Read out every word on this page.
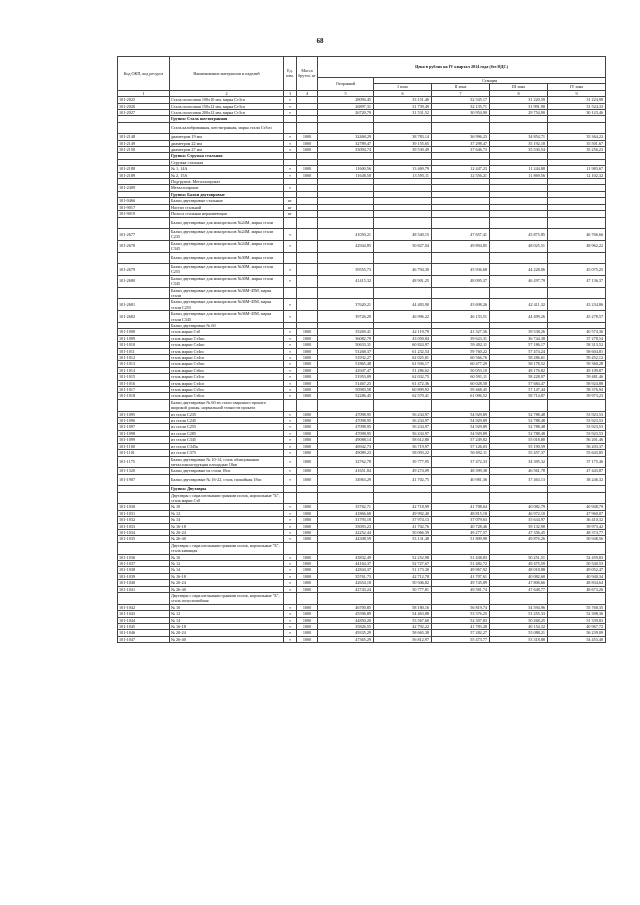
68
Код ОКП, код ресурса	Наименование материалов и изделий	Ед. изм.	Масса брутто, кг	Цена в рублях на IV квартал 2014 года (без НДС)				
				Отправной	Станция			
					I зона	II зона	III зона	IV зона
1	2	3	4	5	6	7	8	9
101-2025	Сталь полосовая 100х10 мм, марка Ст3сп	т		28094,45	33 151,46	32 545,17	31 220,59	31 224,98
101-2026	Сталь полосовая 150х12 мм, марка Ст3сп	т		26897,31	31 739,49	32 135,71	31 991,90	31 524,33
101-2027	Сталь полосовая 200х12 мм, марка Ст3сп	т		26720,79	31 531,52	30 954,90	29 754,90	30 123,46
	Группа: Сталь шестигранная							
	Сталь калиброванная, шестигранная, марка стали Ст3сп							
101-2148	диаметром 19 мм	т	1000	32468,29	38 783,14	36 996,23	34 854,71	35 364,22
101-2149	диаметром 22 мм	т	1000	32789,47	39 155,65	37 298,47	35 192,18	35 501,67
101-2150	диаметром 27 мм	т	1000	33094,74	39 530,49	37 646,73	35 530,54	35 256,23
	Группа: Стружка стальная							
	Стружка стальная							
101-2188	№ 1, 14А	т	1000	11600,56	13 469,79	12 447,23	11 244,88	11 983,67
101-2189	№ 2, 15А	т	1000	11648,50	13 595,11	12 556,21	11 869,56	12 102,32
	Подгруппа: Металлопрокат							
101-2409	Металлопрокат	т						
	Группа: Балки двутавровые							
101-0466	Балки двутавровые стальные	кг						
101-9017	Настил стальной	кг						
101-9019	Полоса стальная нержавеющая	кг						
	Балки двутавровые для монорельсов №24М, марка стали							
101-2677	Балки двутавровые для монорельсов №24М, марка стали С235	т		41050,21	48 540,15	47 657,41	45 875,85	46 766,66
101-2678	Балки двутавровые для монорельсов №24М, марка стали С345	т		42944,85	50 827,04	49 894,85	48 025,51	48 962,22
	Балки двутавровые для монорельсов №30М, марка стали							
101-2679	Балки двутавровые для монорельсов №30М, марка стали С255	т		39555,73	46 794,30	45 936,68	44 228,06	45 075,25
101-2680	Балки двутавровые для монорельсов №30М, марка стали С345	т		41415,32	48 901,25	48 095,37	46 297,79	47 136,37
	Балки двутавровые для монорельсов №36М-45М, марка стали							
101-2681	Балки двутавровые для монорельсов №36М-45М, марка стали С255	т		37620,21	44 483,90	43 698,26	42 411,32	43 234,86
101-2682	Балки двутавровые для монорельсов №36М-45М, марка стали С345	т		39726,29	46 996,22	46 133,51	44 499,26	45 278,57
	Балки двутавровые № 60							
101-1008	сталь марки Ст0	т	1000	35269,41	42 119,79	41 327,36	39 538,26	40 574,36
101-1009	сталь марки Ст3кп	т	1000	36082,79	43 050,84	39 623,31	36 744,38	37 278,54
101-1010	сталь марки Ст4кп	т	1000	50633,31	60 824,97	59 402,11	57 186,17	58 313,52
101-1011	сталь марки Ст4пс	т	1000	51268,37	61 232,54	59 760,22	57 474,24	58 604,81
101-1012	сталь марки Ст4сп	т	1000	51932,27	62 025,81	60 566,76	58 286,61	59 452,12
101-1013	сталь марки Ст5кп	т	1000	51865,48	61 936,17	60 477,29	58 178,52	59 360,28
101-1014	сталь марки Ст6пс	т	1000	42947,47	51 286,62	50 053,10	48 176,82	49 109,87
101-1015	сталь марки Ст3сп	т	1000	51953,09	62 032,75	60 591,11	58 228,97	59 481,46
101-1016	сталь марки Ст4сп	т	1000	51467,23	61 472,36	60 028,58	57 684,47	58 924,88
101-1017	сталь марки Ст5пс	т	1000	50983,58	60 899,92	59 468,45	57 147,44	58 376,94
101-1018	сталь марки Ст6сп	т	1000	52286,45	62 570,41	61 096,52	58 714,87	59 973,23
	Балки двутавровые № 60 из стали свариного проката широкой длины, нормальной точности проката							
101-1095	из стали С235	т	1000	47098,95	56 234,97	54 929,89	52 788,48	53 923,53
101-1096	из стали С245	т	1000	47098,95	56 234,97	54 929,89	52 788,48	53 923,53
101-1097	из стали С255	т	1000	47098,95	56 234,97	54 929,89	52 788,48	53 923,53
101-1098	из стали С285	т	1000	47098,95	56 234,97	54 929,89	52 788,48	53 923,53
101-1099	из стали С345	т	1000	49088,14	58 612,80	57 249,82	55 018,80	56 201,46
101-1100	из стали С345к	т	1000	46942,73	56 719,97	57 126,03	55 190,59	56 203,37
101-1101	из стали С375	т	1000	49089,23	58 093,22	56 692,11	55 457,37	55 643,85
101-1175	Балки двутавровые № 10-14, сталь облицованная металлоконструкция площадью 18кв	т	1000	32762,78	39 777,95	37 472,33	34 395,32	37 175,46
101-1320	Балки двутавровые из стали 18пс	т	1000	41651,84	49 274,09	48 399,38	46 561,78	47 443,87
101-1907	Балки двутавровые № 16-22, сталь спокойная 18пс	т	1000	34963,29	41 702,75	40 981,36	37 463,13	38 246,32
	Группа: Двутавры							
	Двутавры с параллельными гранями полок, нормальные "Б", сталь марки Ст0							
101-1030	№ 10	т	1000	35762,71	42 718,99	41 708,64	40 082,79	40 948,79
101-1031	№ 12	т	1000	41866,68	49 992,40	48 815,18	46 972,10	47 960,07
101-1032	№ 14	т	1000	31793,18	37 974,13	37 079,63	35 634,97	36 410,32
101-1033	№ 16-18	т	1000	35093,23	41 702,76	40 728,46	39 132,90	39 973,42
101-1034	№ 20-24	т	1000	42252,44	50 066,39	49 277,57	47 356,45	48 374,77
101-1035	№ 26-40	т	1000	44308,59	53 131,48	51 809,98	49 876,26	50 948,56
	Двутавры с параллельными гранями полок, нормальные "Б", сталь кипящая							
101-1036	№ 10	т	1000	43832,49	52 252,98	51 438,83	50 251,51	52 459,83
101-1037	№ 12	т	1000	44164,37	52 727,67	51 482,72	49 475,59	50 540,53
101-1038	№ 14	т	1000	42844,37	51 173,30	49 967,92	48 018,88	49 052,47
101-1039	№ 16-18	т	1000	35761,73	42 712,78	41 707,61	40 082,60	40 940,34
101-1040	№ 20-24	т	1000	42654,18	50 946,82	49 745,89	47 806,66	48 834,64
101-1041	№ 26-40	т	1000	42743,24	50 777,81	49 581,74	47 648,77	48 673,26
	Двутавры с параллельными гранями полок, нормальные "Б", сталь полуспокойная							
101-1042	№ 10	т	1000	46700,85	58 180,16	56 819,74	54 594,96	55 768,35
101-1043	№ 12	т	1000	45596,89	54 463,88	53 376,25	51 255,33	52 398,36
101-1044	№ 14	т	1000	44850,20	53 567,60	52 307,83	50 268,25	51 339,83
101-1045	№ 16-18	т	1000	35826,55	42 792,22	41 783,28	40 154,32	40 967,72
101-1046	№ 20-24	т	1000	49335,29	58 665,38	57 282,27	55 088,21	56 239,09
101-1047	№ 26-40	т	1000	47365,29	56 812,97	55 473,77	53 318,88	54 453,48
